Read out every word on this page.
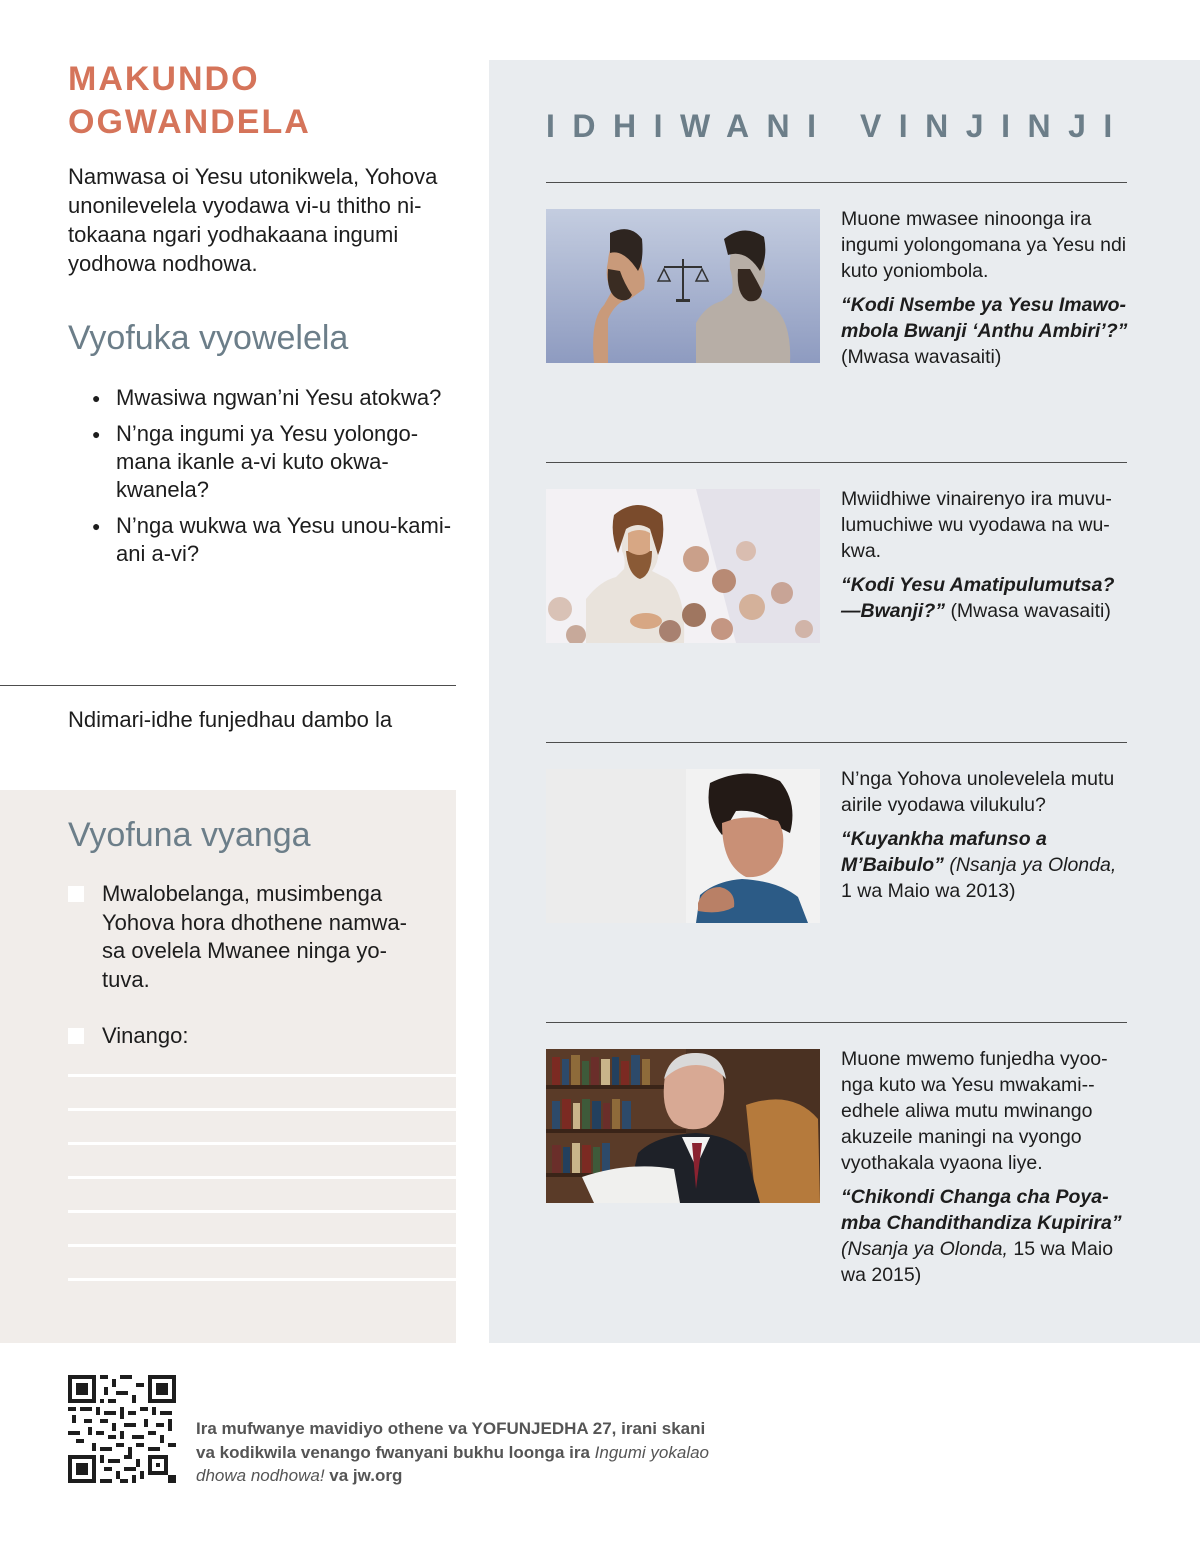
MAKUNDO
OGWANDELA

Namwasa oi Yesu utonikwela, Yohova unonilevelela vyodawa vi-u thitho ni-tokaana ngari yodhakaana ingumi yodhowa nodhowa.

Vyofuka vyowelela
● Mwasiwa ngwan’ni Yesu atokwa?
● N’nga ingumi ya Yesu yolongo-mana ikanle a-vi kuto okwa-kwanela?
● N’nga wukwa wa Yesu unou-kami-ani a-vi?
Ndimari-idhe funjedhau dambo la
Vyofuna vyanga
Mwalobelanga, musimbenga Yohova hora dhothene namwa-sa ovelela Mwanee ninga yo-tuva.
Vinango:
IDHIWANI VINJINJI

Muone mwasee ninoonga ira ingumi yolongomana ya Yesu ndi kuto yoniombola.

“Kodi Nsembe ya Yesu Imawo-mbola Bwanji ‘Anthu Ambiri’?” (Mwasa wavasaiti)

Mwiidhiwe vinairenyo ira muvu-lumuchiwe wu vyodawa na wu-kwa.

“Kodi Yesu Amatipulumutsa? —Bwanji?” (Mwasa wavasaiti)

N’nga Yohova unolevelela mutu airile vyodawa vilukulu?

“Kuyankha mafunso a M’Baibulo” (Nsanja ya Olonda, 1 wa Maio wa 2013)

Muone mwemo funjedha vyoo-nga kuto wa Yesu mwakami--edhele aliwa mutu mwinango akuzeile maningi na vyongo vyothakala vyaona liye.

“Chikondi Changa cha Poya-mba Chandithandiza Kupirira” (Nsanja ya Olonda, 15 wa Maio wa 2015)

Ira mufwanye mavidiyo othene va YOFUNJEDHA 27, irani skani va kodikwila venango fwanyani bukhu loonga ira Ingumi yokalao dhowa nodhowa! va jw.org
